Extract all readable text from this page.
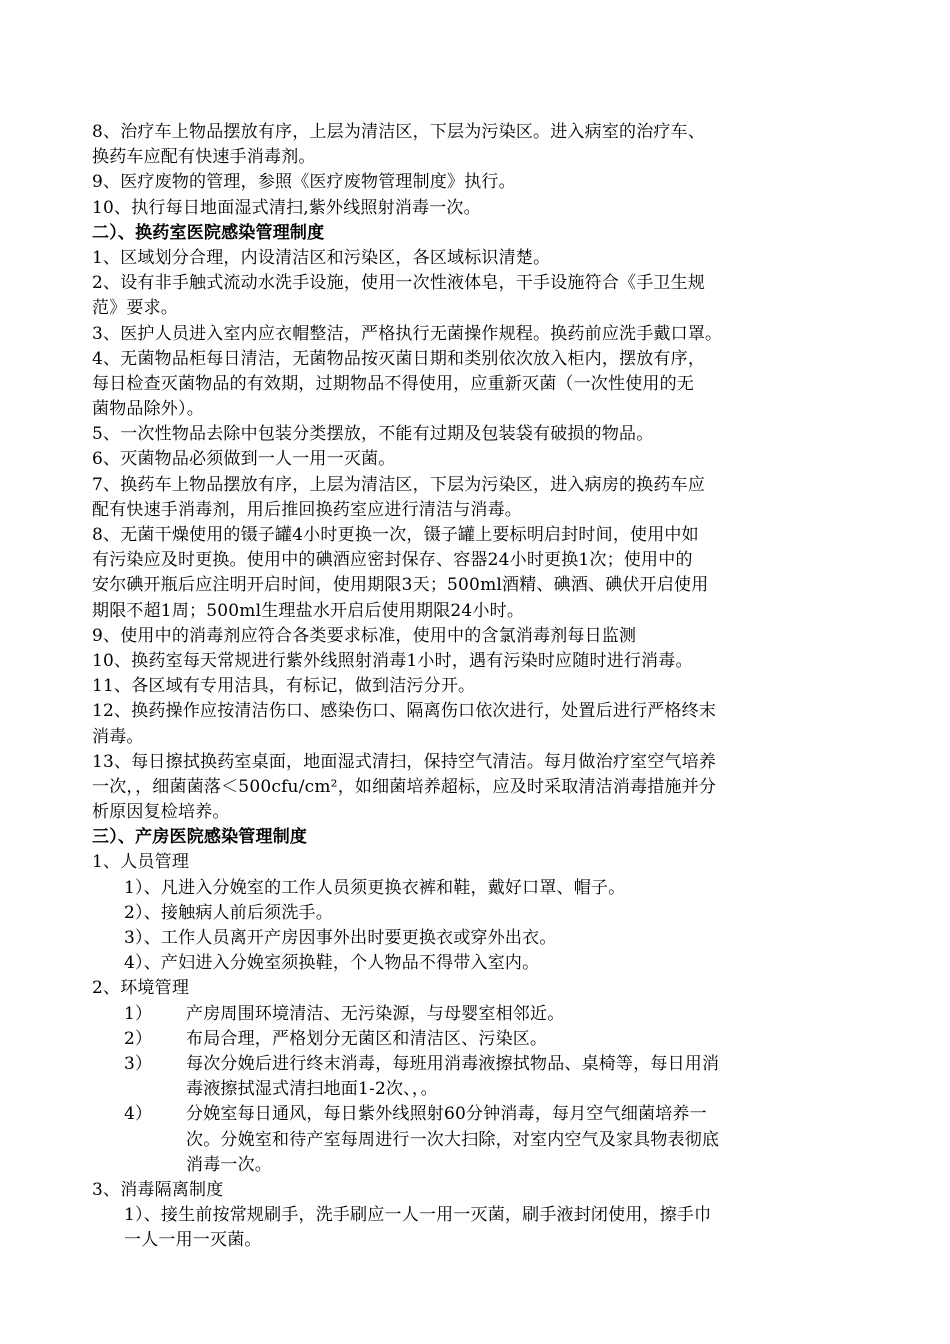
8、治疗车上物品摆放有序，上层为清洁区，下层为污染区。进入病室的治疗车、
换药车应配有快速手消毒剂。
9、医疗废物的管理，参照《医疗废物管理制度》执行。
10、执行每日地面湿式清扫,紫外线照射消毒一次。
二）、换药室医院感染管理制度
1、区域划分合理，内设清洁区和污染区，各区域标识清楚。
2、设有非手触式流动水洗手设施，使用一次性液体皂，干手设施符合《手卫生规
范》要求。
3、医护人员进入室内应衣帽整洁，严格执行无菌操作规程。换药前应洗手戴口罩。
4、无菌物品柜每日清洁，无菌物品按灭菌日期和类别依次放入柜内，摆放有序，
每日检查灭菌物品的有效期，过期物品不得使用，应重新灭菌（一次性使用的无
菌物品除外）。
5、一次性物品去除中包装分类摆放，不能有过期及包装袋有破损的物品。
6、灭菌物品必须做到一人一用一灭菌。
7、换药车上物品摆放有序，上层为清洁区，下层为污染区，进入病房的换药车应
配有快速手消毒剂，用后推回换药室应进行清洁与消毒。
8、无菌干燥使用的镊子罐4小时更换一次，镊子罐上要标明启封时间，使用中如
有污染应及时更换。使用中的碘酒应密封保存、容器24小时更换1次；使用中的
安尔碘开瓶后应注明开启时间，使用期限3天；500ml酒精、碘酒、碘伏开启使用
期限不超1周；500ml生理盐水开启后使用期限24小时。
9、使用中的消毒剂应符合各类要求标准，使用中的含氯消毒剂每日监测
10、换药室每天常规进行紫外线照射消毒1小时，遇有污染时应随时进行消毒。
11、各区域有专用洁具，有标记，做到洁污分开。
12、换药操作应按清洁伤口、感染伤口、隔离伤口依次进行，处置后进行严格终末
消毒。
13、每日擦拭换药室桌面，地面湿式清扫，保持空气清洁。每月做治疗室空气培养
一次，，细菌菌落＜500cfu/cm²，如细菌培养超标，应及时采取清洁消毒措施并分
析原因复检培养。
三）、产房医院感染管理制度
1、人员管理
1）、凡进入分娩室的工作人员须更换衣裤和鞋，戴好口罩、帽子。
2）、接触病人前后须洗手。
3）、工作人员离开产房因事外出时要更换衣或穿外出衣。
4）、产妇进入分娩室须换鞋，个人物品不得带入室内。
2、环境管理
1） 产房周围环境清洁、无污染源，与母婴室相邻近。
2） 布局合理，严格划分无菌区和清洁区、污染区。
3） 每次分娩后进行终末消毒，每班用消毒液擦拭物品、桌椅等，每日用消
毒液擦拭湿式清扫地面1-2次、，。
4） 分娩室每日通风，每日紫外线照射60分钟消毒，每月空气细菌培养一
次。分娩室和待产室每周进行一次大扫除，对室内空气及家具物表彻底
消毒一次。
3、消毒隔离制度
1）、接生前按常规刷手，洗手刷应一人一用一灭菌，刷手液封闭使用，擦手巾
一人一用一灭菌。
